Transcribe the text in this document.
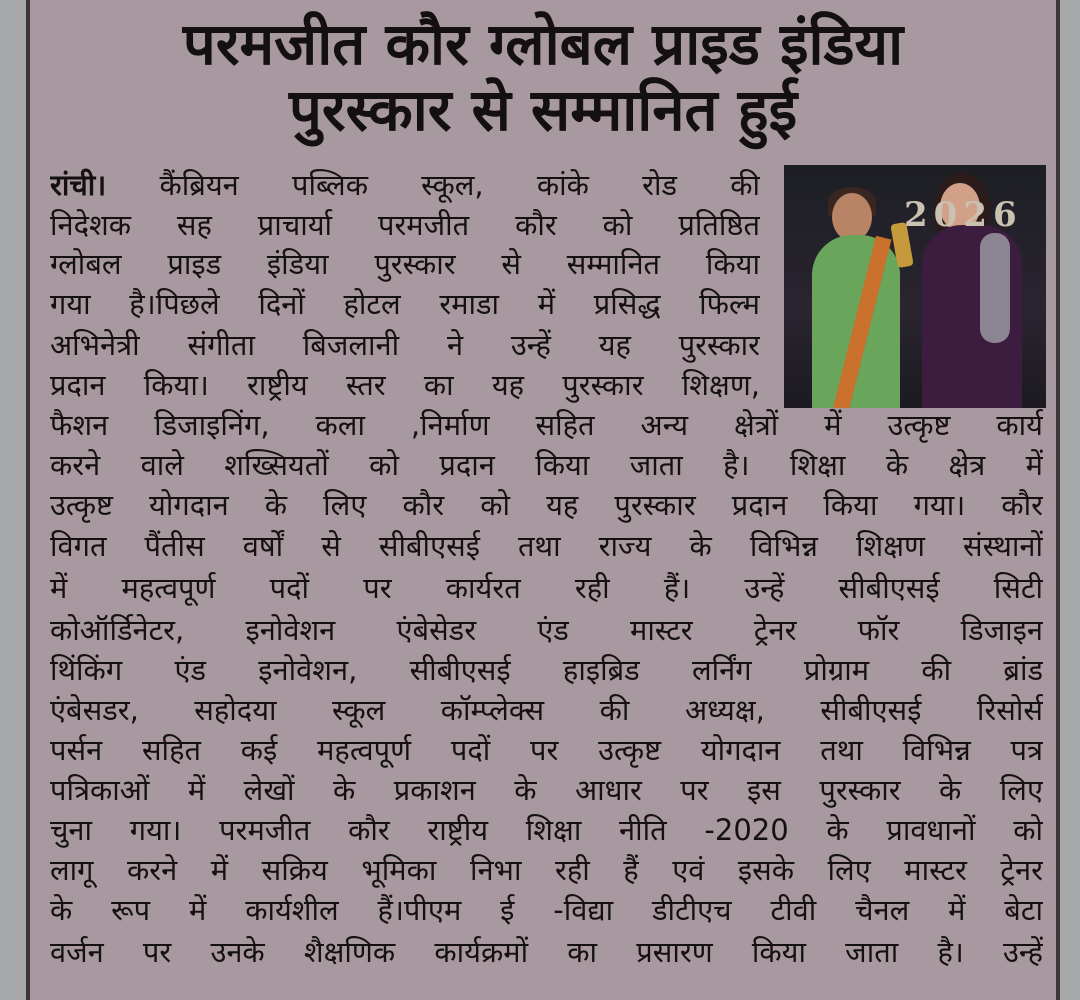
परमजीत कौर ग्लोबल प्राइड इंडिया
पुरस्कार से सम्मानित हुई
रांची। कैंब्रियन पब्लिक स्कूल, कांके रोड की
निदेशक सह प्राचार्या परमजीत कौर को प्रतिष्ठित
ग्लोबल प्राइड इंडिया पुरस्कार से सम्मानित किया
गया है।पिछले दिनों होटल रमाडा में प्रसिद्ध फिल्म
अभिनेत्री संगीता बिजलानी ने उन्हें यह पुरस्कार
प्रदान किया। राष्ट्रीय स्तर का यह पुरस्कार शिक्षण,
फैशन डिजाइनिंग, कला ,निर्माण सहित अन्य क्षेत्रों में उत्कृष्ट कार्य
करने वाले शख्सियतों को प्रदान किया जाता है। शिक्षा के क्षेत्र में
उत्कृष्ट योगदान के लिए कौर को यह पुरस्कार प्रदान किया गया। कौर
विगत पैंतीस वर्षों से सीबीएसई तथा राज्य के विभिन्न शिक्षण संस्थानों
में महत्वपूर्ण पदों पर कार्यरत रही हैं। उन्हें सीबीएसई सिटी
कोऑर्डिनेटर, इनोवेशन एंबेसेडर एंड मास्टर ट्रेनर फॉर डिजाइन
थिंकिंग एंड इनोवेशन, सीबीएसई हाइब्रिड लर्निंग प्रोग्राम की ब्रांड
एंबेसडर, सहोदया स्कूल कॉम्प्लेक्स की अध्यक्ष, सीबीएसई रिसोर्स
पर्सन सहित कई महत्वपूर्ण पदों पर उत्कृष्ट योगदान तथा विभिन्न पत्र
पत्रिकाओं में लेखों के प्रकाशन के आधार पर इस पुरस्कार के लिए
चुना गया। परमजीत कौर राष्ट्रीय शिक्षा नीति -2020 के प्रावधानों को
लागू करने में सक्रिय भूमिका निभा रही हैं एवं इसके लिए मास्टर ट्रेनर
के रूप में कार्यशील हैं।पीएम ई -विद्या डीटीएच टीवी चैनल में बेटा
वर्जन पर उनके शैक्षणिक कार्यक्रमों का प्रसारण किया जाता है। उन्हें
2026
